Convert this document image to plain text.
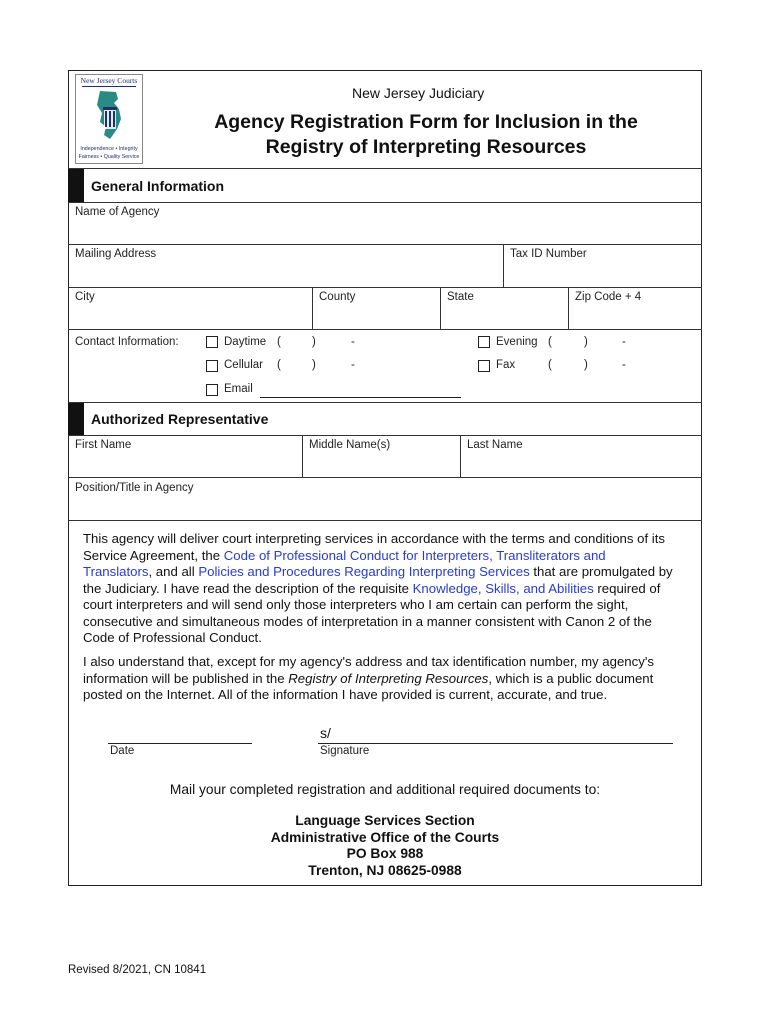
New Jersey Courts
Independence • Integrity
Fairness • Quality Service
New Jersey Judiciary
Agency Registration Form for Inclusion in the
Registry of Interpreting Resources
General Information
Name of Agency
Mailing Address	Tax ID Number
City	County	State	Zip Code + 4
Contact Information:	Daytime (	)	-	Evening (	)	-
Cellular (	)	-	Fax	(	)	-
Email
Authorized Representative
First Name	Middle Name(s)	Last Name
Position/Title in Agency
This agency will deliver court interpreting services in accordance with the terms and conditions of its Service Agreement, the Code of Professional Conduct for Interpreters, Transliterators and Translators, and all Policies and Procedures Regarding Interpreting Services that are promulgated by the Judiciary. I have read the description of the requisite Knowledge, Skills, and Abilities required of court interpreters and will send only those interpreters who I am certain can perform the sight, consecutive and simultaneous modes of interpretation in a manner consistent with Canon 2 of the Code of Professional Conduct.
I also understand that, except for my agency's address and tax identification number, my agency's information will be published in the Registry of Interpreting Resources, which is a public document posted on the Internet. All of the information I have provided is current, accurate, and true.
Date
s/
Signature
Mail your completed registration and additional required documents to:
Language Services Section
Administrative Office of the Courts
PO Box 988
Trenton, NJ 08625-0988
Revised 8/2021, CN 10841
